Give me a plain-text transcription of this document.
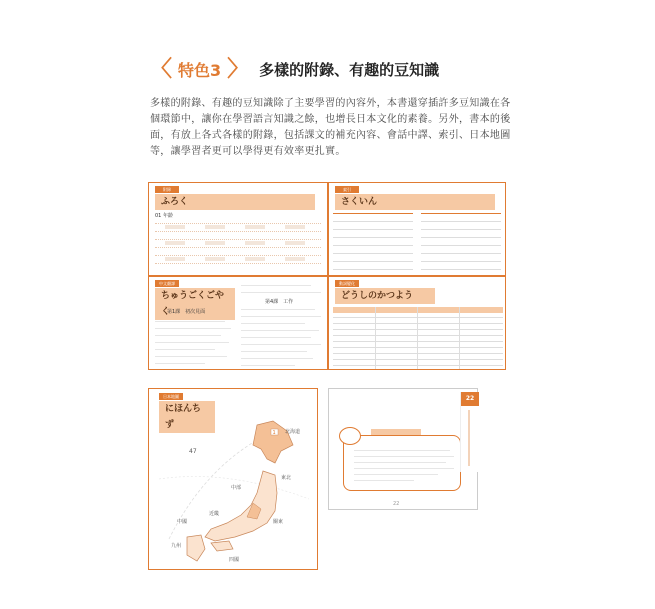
〈 特色3 〉 多樣的附錄、有趣的豆知識

多樣的附錄、有趣的豆知識除了主要學習的內容外，本書還穿插許多豆知識在各個環節中，讓你在學習語言知識之餘，也增長日本文化的素養。另外，書本的後面，有放上各式各樣的附錄，包括課文的補充內容、會話中譯、索引、日本地圖等，讓學習者更可以學得更有效率更扎實。

附錄
ふろく
01 年齡
索引
さくいん
中文翻譯
ちゅうごくごやく
第1課　初次見面
第4課　工作
動詞變化
どうしのかつよう
日本地圖
にほんちず
1
47
北海道
東北
關東
中部
近畿
中國
四國
九州
22
22
